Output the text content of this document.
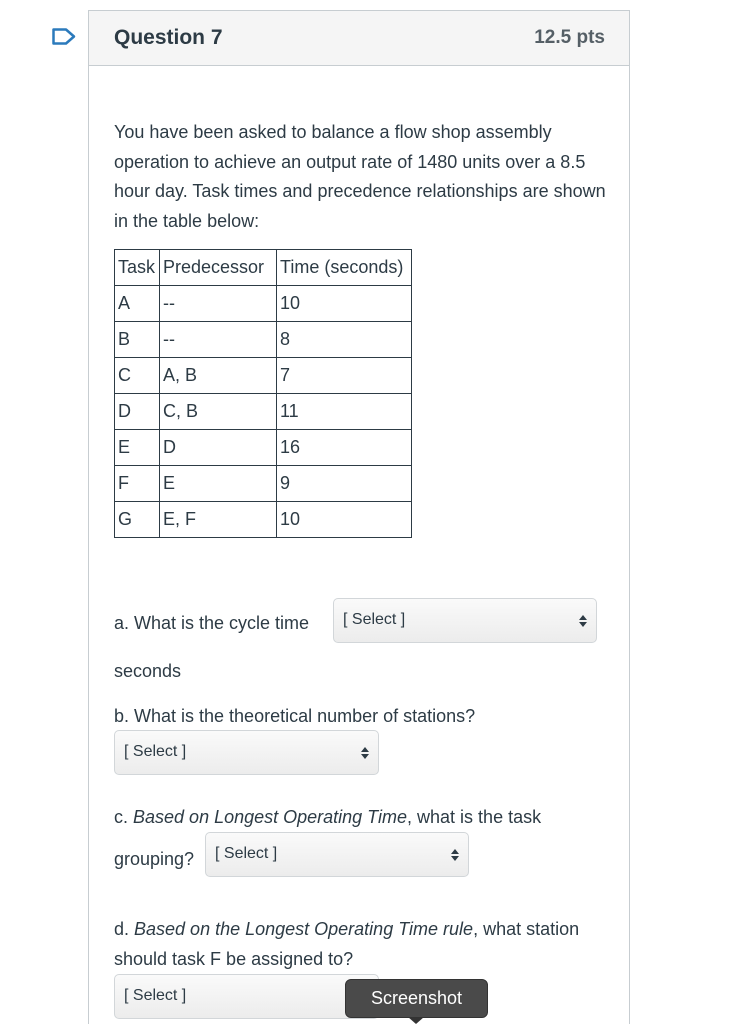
Question 7	12.5 pts

You have been asked to balance a flow shop assembly operation to achieve an output rate of 1480 units over a 8.5 hour day. Task times and precedence relationships are shown in the table below:

Task	Predecessor	Time (seconds)
A	--	10
B	--	8
C	A, B	7
D	C, B	11
E	D	16
F	E	9
G	E, F	10
a. What is the cycle time [ Select ]
seconds
b. What is the theoretical number of stations?
[ Select ]
c. Based on Longest Operating Time, what is the task
grouping? [ Select ]

d. Based on the Longest Operating Time rule, what station should task F be assigned to?

[ Select ]	Screenshot
